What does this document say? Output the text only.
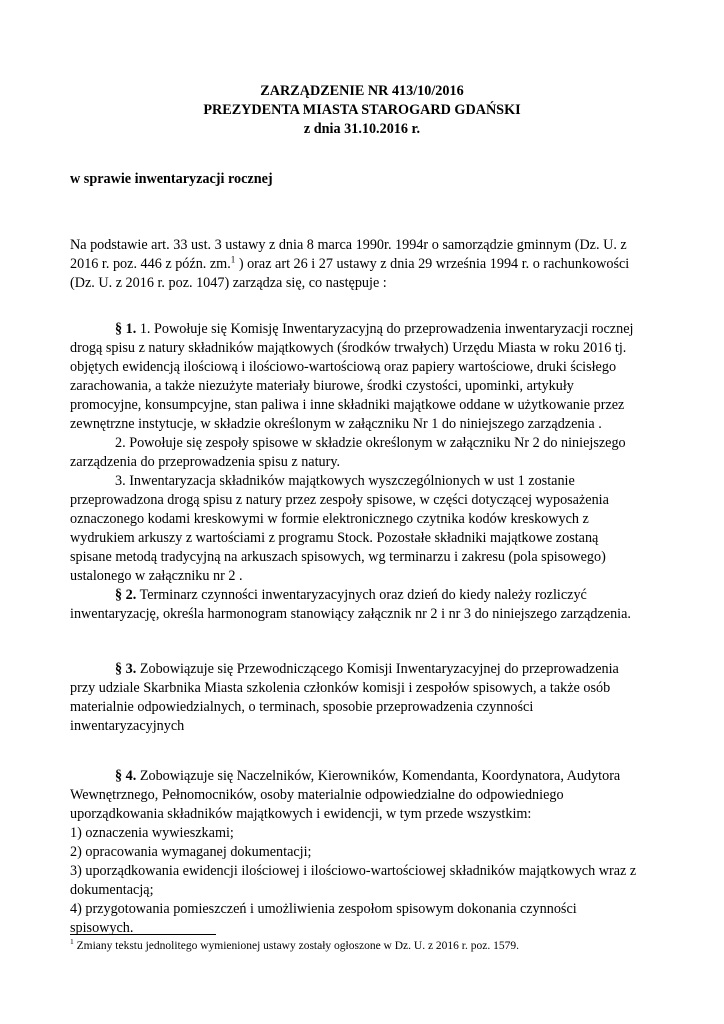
ZARZĄDZENIE NR 413/10/2016
PREZYDENTA MIASTA STAROGARD GDAŃSKI
z dnia 31.10.2016 r.
w sprawie inwentaryzacji rocznej
Na podstawie art. 33 ust. 3 ustawy z dnia 8 marca 1990r. 1994r o samorządzie gminnym (Dz. U. z
2016 r. poz. 446 z późn. zm.$^1$ ) oraz art 26 i 27 ustawy z dnia 29 września 1994 r. o rachunkowości
(Dz. U. z 2016 r. poz. 1047) zarządza się, co następuje :
§ 1. 1. Powołuje się Komisję Inwentaryzacyjną do przeprowadzenia inwentaryzacji rocznej
drogą spisu z natury składników majątkowych (środków trwałych) Urzędu Miasta w roku 2016 tj.
objętych ewidencją ilościową i ilościowo-wartościową oraz papiery wartościowe, druki ścisłego
zarachowania, a także niezużyte materiały biurowe, środki czystości, upominki, artykuły
promocyjne, konsumpcyjne, stan paliwa i inne składniki majątkowe oddane w użytkowanie przez
zewnętrzne instytucje, w składzie określonym w załączniku Nr 1 do niniejszego zarządzenia .
2. Powołuje się zespoły spisowe w składzie określonym w załączniku Nr 2 do niniejszego
zarządzenia do przeprowadzenia spisu z natury.
3. Inwentaryzacja składników majątkowych wyszczególnionych w ust 1 zostanie
przeprowadzona drogą spisu z natury przez zespoły spisowe, w części dotyczącej wyposażenia
oznaczonego kodami kreskowymi w formie elektronicznego czytnika kodów kreskowych z
wydrukiem arkuszy z wartościami z programu Stock. Pozostałe składniki majątkowe zostaną
spisane metodą tradycyjną na arkuszach spisowych, wg terminarzu i zakresu (pola spisowego)
ustalonego w załączniku nr 2 .
§ 2. Terminarz czynności inwentaryzacyjnych oraz dzień do kiedy należy rozliczyć
inwentaryzację, określa harmonogram stanowiący załącznik nr 2 i nr 3 do niniejszego zarządzenia.
§ 3. Zobowiązuje się Przewodniczącego Komisji Inwentaryzacyjnej do przeprowadzenia
przy udziale Skarbnika Miasta szkolenia członków komisji i zespołów spisowych, a także osób
materialnie odpowiedzialnych, o terminach, sposobie przeprowadzenia czynności
inwentaryzacyjnych
§ 4. Zobowiązuje się Naczelników, Kierowników, Komendanta, Koordynatora, Audytora
Wewnętrznego, Pełnomocników, osoby materialnie odpowiedzialne do odpowiedniego
uporządkowania składników majątkowych i ewidencji, w tym przede wszystkim:
1) oznaczenia wywieszkami;
2) opracowania wymaganej dokumentacji;
3) uporządkowania ewidencji ilościowej i ilościowo-wartościowej składników majątkowych wraz z
dokumentacją;
4) przygotowania pomieszczeń i umożliwienia zespołom spisowym dokonania czynności
spisowych.
$^1$ Zmiany tekstu jednolitego wymienionej ustawy zostały ogłoszone w Dz. U. z 2016 r. poz. 1579.
